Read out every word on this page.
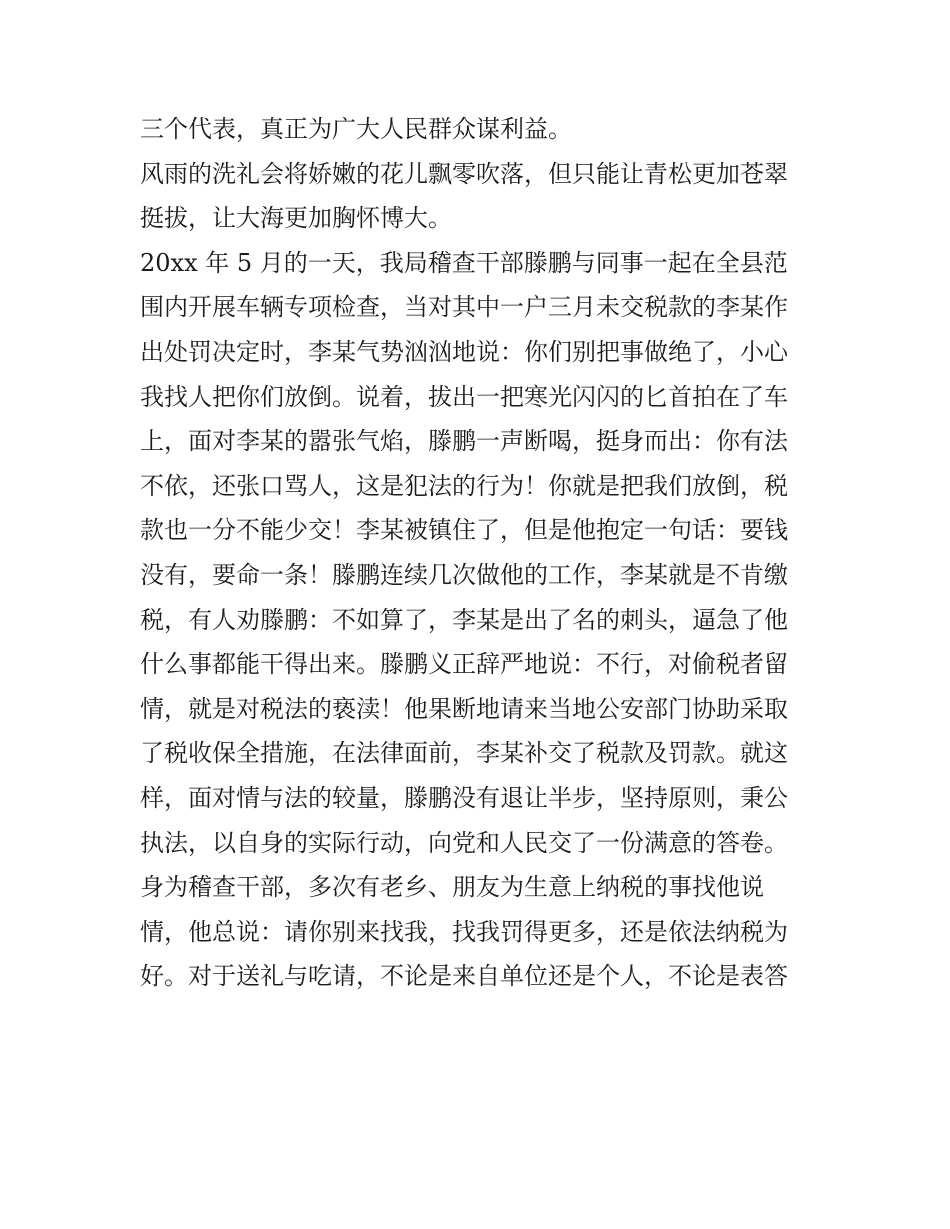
三个代表，真正为广大人民群众谋利益。
风雨的洗礼会将娇嫩的花儿飘零吹落，但只能让青松更加苍翠
挺拔，让大海更加胸怀博大。
20xx 年 5 月的一天，我局稽查干部滕鹏与同事一起在全县范
围内开展车辆专项检查，当对其中一户三月未交税款的李某作
出处罚决定时，李某气势汹汹地说：你们别把事做绝了，小心
我找人把你们放倒。说着，拔出一把寒光闪闪的匕首拍在了车
上，面对李某的嚣张气焰，滕鹏一声断喝，挺身而出：你有法
不依，还张口骂人，这是犯法的行为！你就是把我们放倒，税
款也一分不能少交！李某被镇住了，但是他抱定一句话：要钱
没有，要命一条！滕鹏连续几次做他的工作，李某就是不肯缴
税，有人劝滕鹏：不如算了，李某是出了名的刺头，逼急了他
什么事都能干得出来。滕鹏义正辞严地说：不行，对偷税者留
情，就是对税法的亵渎！他果断地请来当地公安部门协助采取
了税收保全措施，在法律面前，李某补交了税款及罚款。就这
样，面对情与法的较量，滕鹏没有退让半步，坚持原则，秉公
执法，以自身的实际行动，向党和人民交了一份满意的答卷。
身为稽查干部，多次有老乡、朋友为生意上纳税的事找他说
情，他总说：请你别来找我，找我罚得更多，还是依法纳税为
好。对于送礼与吃请，不论是来自单位还是个人，不论是表答
